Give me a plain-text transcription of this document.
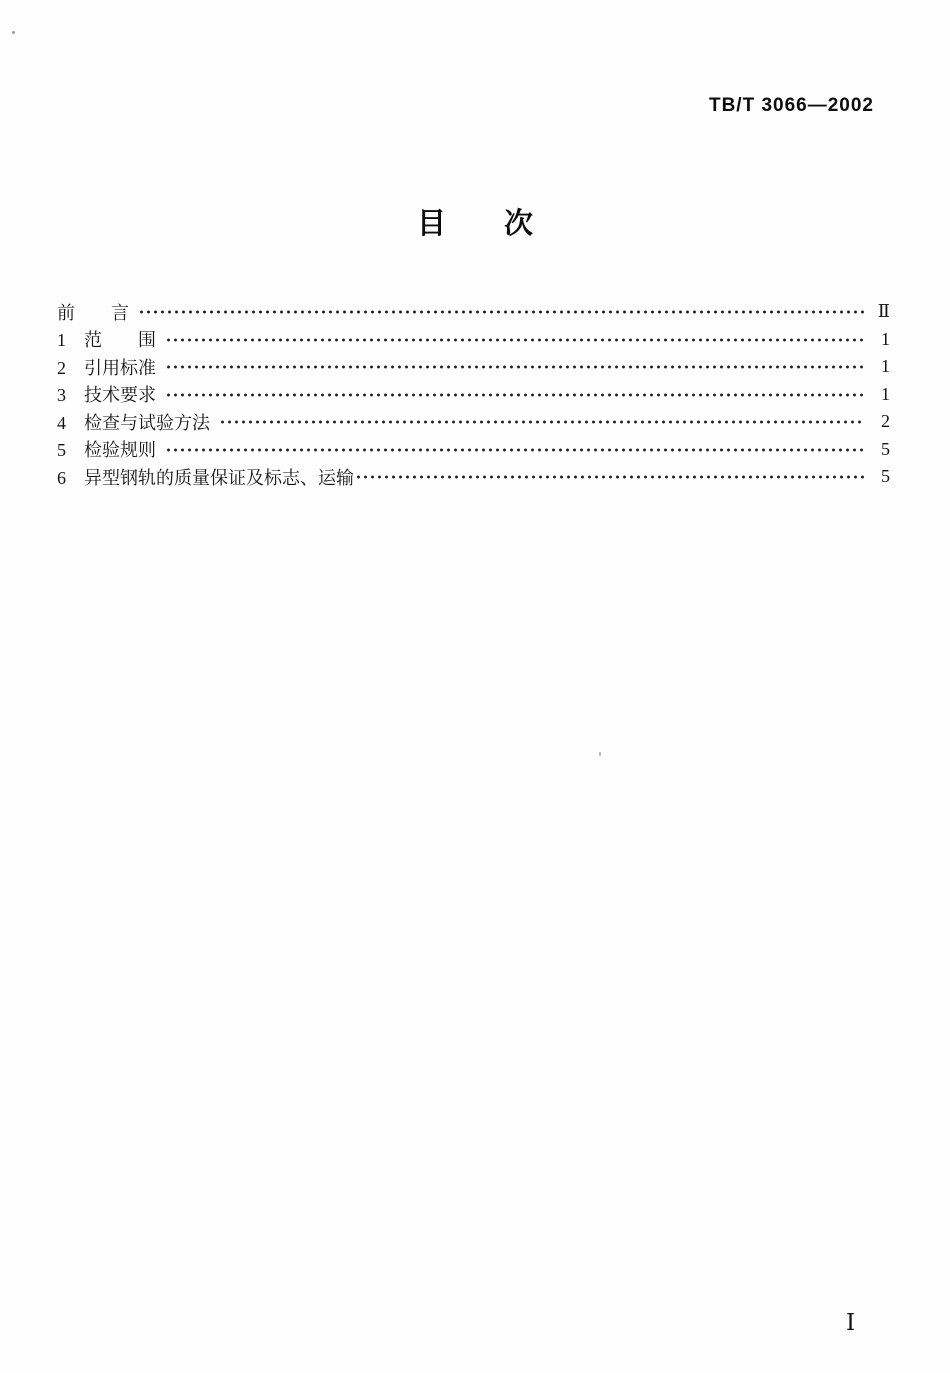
TB/T 3066—2002
目　　次
前　　言	Ⅱ
1　范　　围	1
2　引用标准	1
3　技术要求	1
4　检查与试验方法	2
5　检验规则	5
6　异型钢轨的质量保证及标志、运输	5
Ⅰ
